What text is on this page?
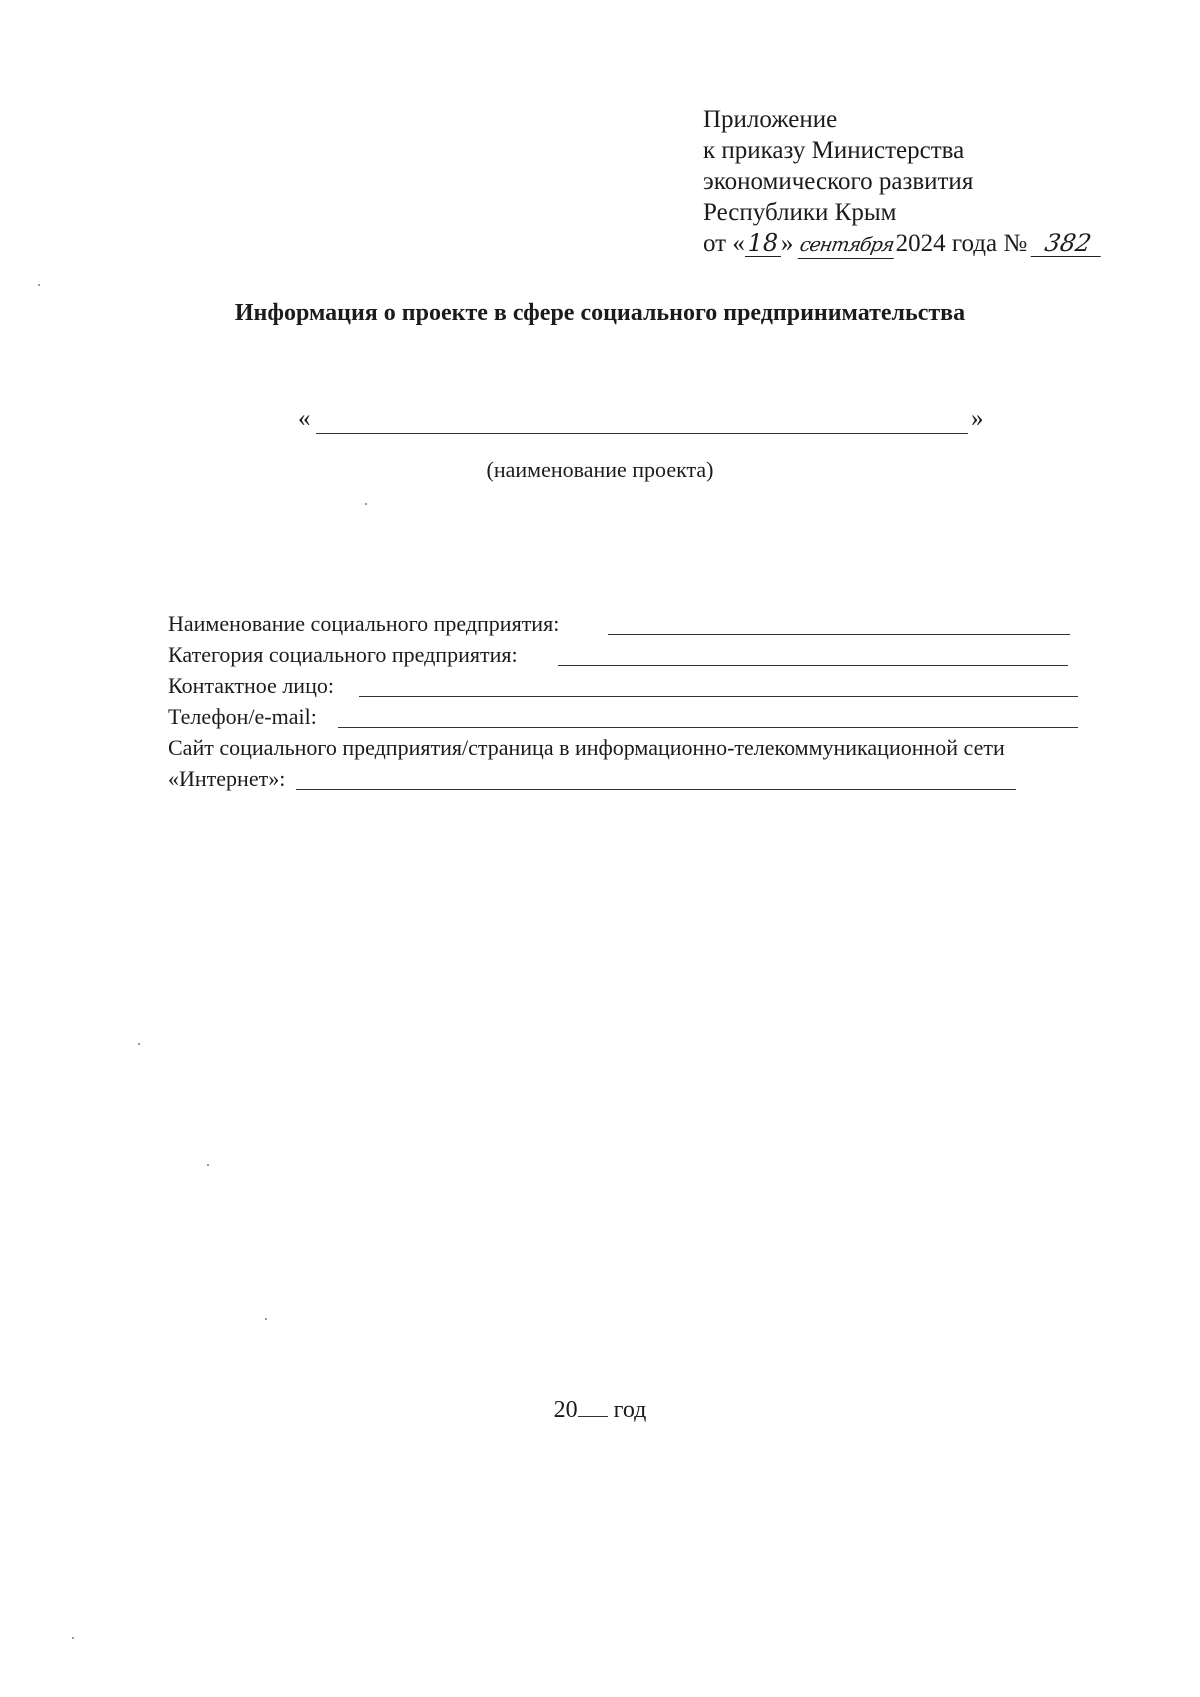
Приложение
к приказу Министерства
экономического развития
Республики Крым
от « 18 » сентября2024 года № 382
Информация о проекте в сфере социального предпринимательства
«	»
(наименование проекта)
Наименование социального предприятия:
Категория социального предприятия:
Контактное лицо:
Телефон/e-mail:
Сайт социального предприятия/страница в информационно-телекоммуникационной сети
«Интернет»:
20 год
